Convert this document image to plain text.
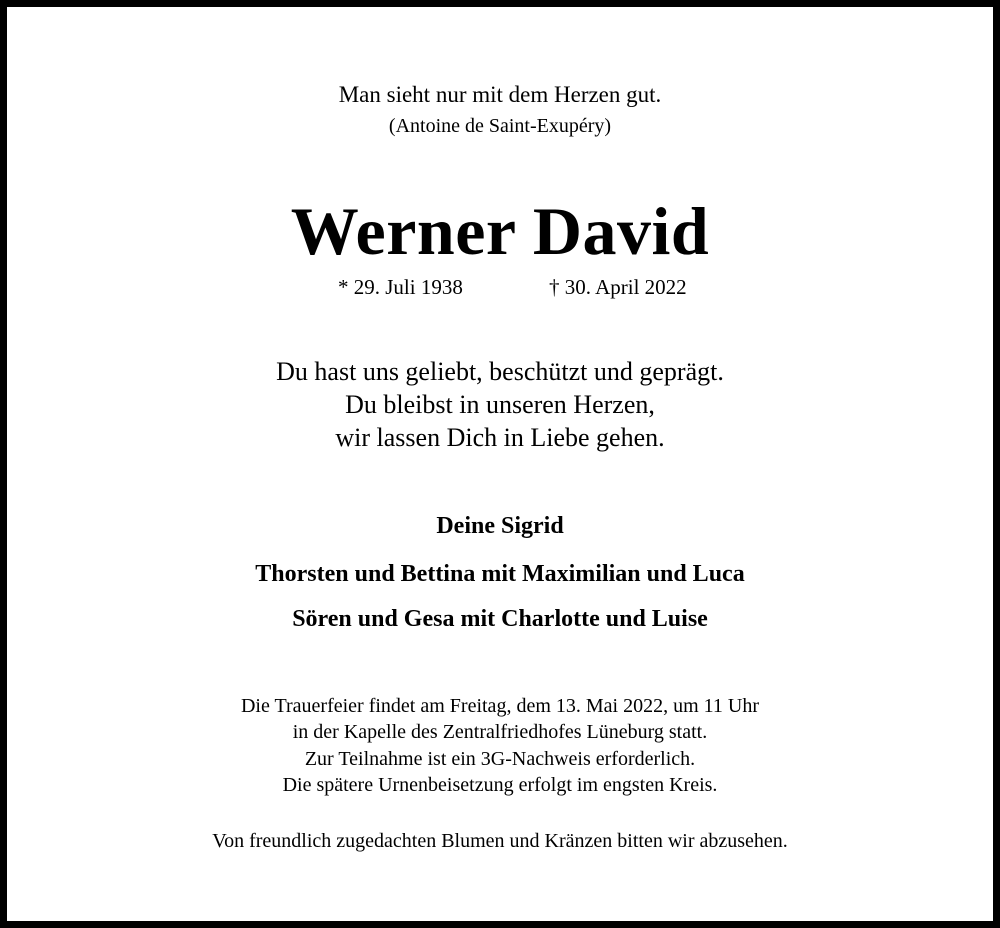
Man sieht nur mit dem Herzen gut.
(Antoine de Saint-Exupéry)
Werner David
* 29. Juli 1938	† 30. April 2022
Du hast uns geliebt, beschützt und geprägt.
Du bleibst in unseren Herzen,
wir lassen Dich in Liebe gehen.
Deine Sigrid
Thorsten und Bettina mit Maximilian und Luca
Sören und Gesa mit Charlotte und Luise
Die Trauerfeier findet am Freitag, dem 13. Mai 2022, um 11 Uhr
in der Kapelle des Zentralfriedhofes Lüneburg statt.
Zur Teilnahme ist ein 3G-Nachweis erforderlich.
Die spätere Urnenbeisetzung erfolgt im engsten Kreis.
Von freundlich zugedachten Blumen und Kränzen bitten wir abzusehen.
